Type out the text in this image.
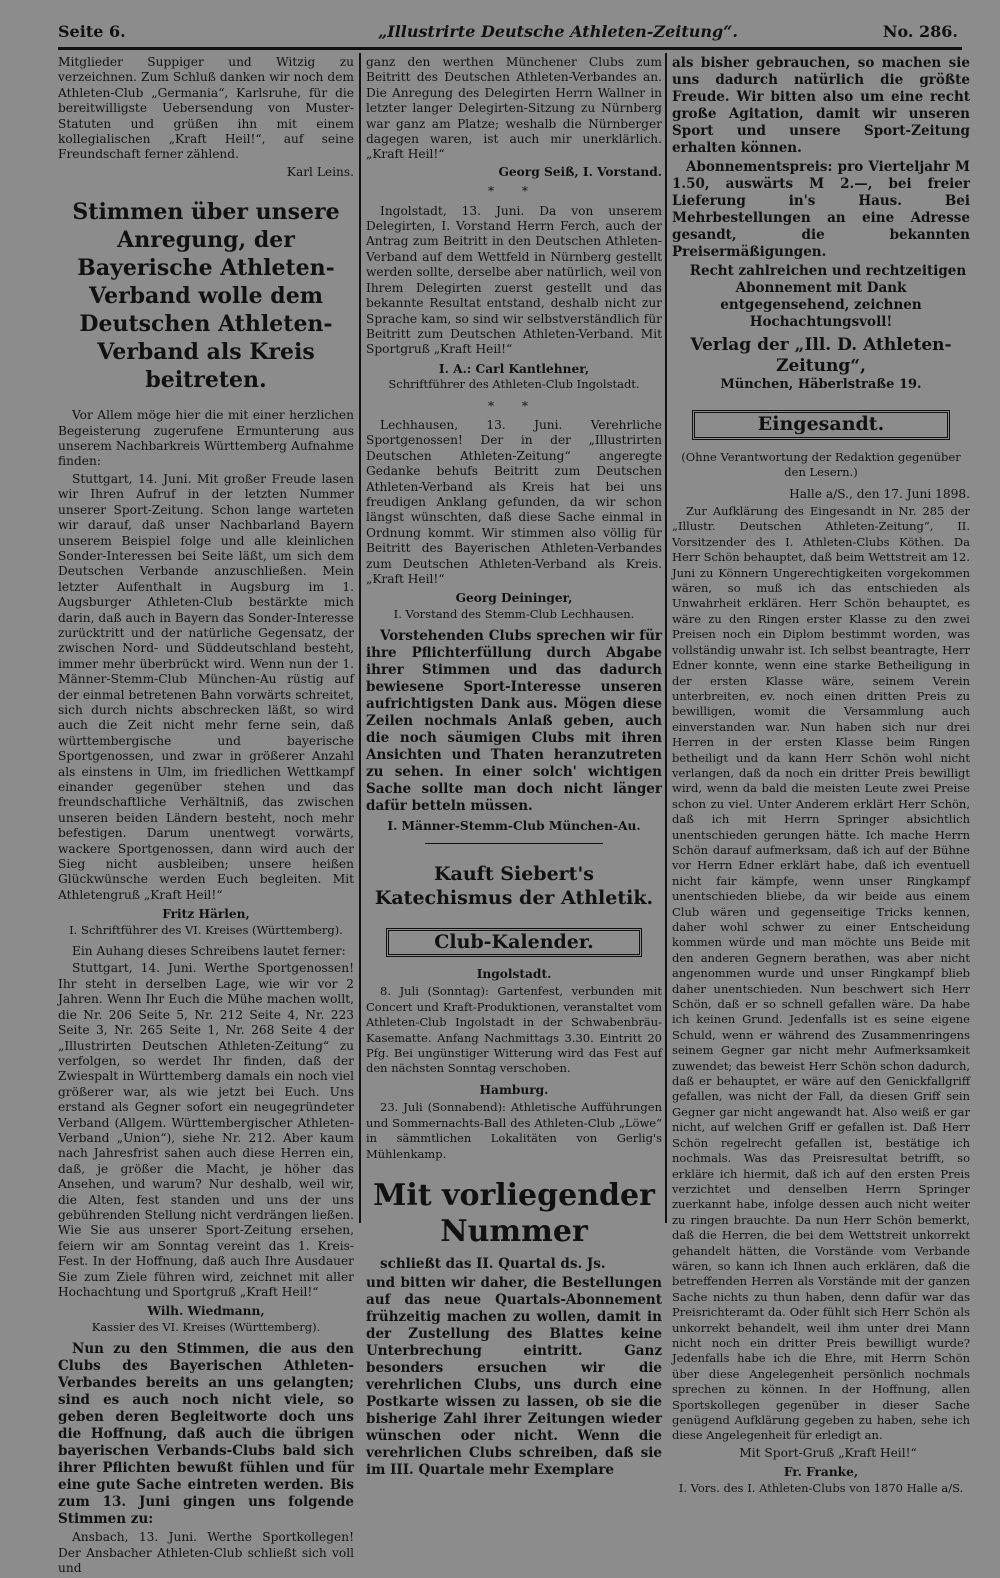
Seite 6.	„Illustrirte Deutsche Athleten-Zeitung“.	No. 286.

Mitglieder Suppiger und Witzig zu verzeichnen. Zum Schluß danken wir noch dem Athleten-Club „Germania“, Karlsruhe, für die bereitwilligste Uebersendung von Muster-Statuten und grüßen ihn mit einem kollegialischen „Kraft Heil!“, auf seine Freundschaft ferner zählend.

Karl Leins.

Stimmen über unsere Anregung, der Bayerische Athleten-Verband wolle dem Deutschen Athleten-Verband als Kreis beitreten.

Vor Allem möge hier die mit einer herzlichen Begeisterung zugerufene Ermunterung aus unserem Nachbarkreis Württemberg Aufnahme finden:

Stuttgart, 14. Juni. Mit großer Freude lasen wir Ihren Aufruf in der letzten Nummer unserer Sport-Zeitung. Schon lange warteten wir darauf, daß unser Nachbarland Bayern unserem Beispiel folge und alle kleinlichen Sonder-Interessen bei Seite läßt, um sich dem Deutschen Verbande anzuschließen. Mein letzter Aufenthalt in Augsburg im 1. Augsburger Athleten-Club bestärkte mich darin, daß auch in Bayern das Sonder-Interesse zurücktritt und der natürliche Gegensatz, der zwischen Nord- und Süddeutschland besteht, immer mehr überbrückt wird. Wenn nun der 1. Männer-Stemm-Club München-Au rüstig auf der einmal betretenen Bahn vorwärts schreitet, sich durch nichts abschrecken läßt, so wird auch die Zeit nicht mehr ferne sein, daß württembergische und bayerische Sportgenossen, und zwar in größerer Anzahl als einstens in Ulm, im friedlichen Wettkampf einander gegenüber stehen und das freundschaftliche Verhältniß, das zwischen unseren beiden Ländern besteht, noch mehr befestigen. Darum unentwegt vorwärts, wackere Sportgenossen, dann wird auch der Sieg nicht ausbleiben; unsere heißen Glückwünsche werden Euch begleiten. Mit Athletengruß „Kraft Heil!“

Fritz Härlen,

I. Schriftführer des VI. Kreises (Württemberg).

Ein Auhang dieses Schreibens lautet ferner:

Stuttgart, 14. Juni. Werthe Sportgenossen! Ihr steht in derselben Lage, wie wir vor 2 Jahren. Wenn Ihr Euch die Mühe machen wollt, die Nr. 206 Seite 5, Nr. 212 Seite 4, Nr. 223 Seite 3, Nr. 265 Seite 1, Nr. 268 Seite 4 der „Illustrirten Deutschen Athleten-Zeitung“ zu verfolgen, so werdet Ihr finden, daß der Zwiespalt in Württemberg damals ein noch viel größerer war, als wie jetzt bei Euch. Uns erstand als Gegner sofort ein neugegründeter Verband (Allgem. Württembergischer Athleten-Verband „Union“), siehe Nr. 212. Aber kaum nach Jahresfrist sahen auch diese Herren ein, daß, je größer die Macht, je höher das Ansehen, und warum? Nur deshalb, weil wir, die Alten, fest standen und uns der uns gebührenden Stellung nicht verdrängen ließen. Wie Sie aus unserer Sport-Zeitung ersehen, feiern wir am Sonntag vereint das 1. Kreis-Fest. In der Hoffnung, daß auch Ihre Ausdauer Sie zum Ziele führen wird, zeichnet mit aller Hochachtung und Sportgruß „Kraft Heil!“

Wilh. Wiedmann,

Kassier des VI. Kreises (Württemberg).

Nun zu den Stimmen, die aus den Clubs des Bayerischen Athleten-Verbandes bereits an uns gelangten; sind es auch noch nicht viele, so geben deren Begleitworte doch uns die Hoffnung, daß auch die übrigen bayerischen Verbands-Clubs bald sich ihrer Pflichten bewußt fühlen und für eine gute Sache eintreten werden. Bis zum 13. Juni gingen uns folgende Stimmen zu:

Ansbach, 13. Juni. Werthe Sportkollegen! Der Ansbacher Athleten-Club schließt sich voll und

ganz den werthen Münchener Clubs zum Beitritt des Deutschen Athleten-Verbandes an. Die Anregung des Delegirten Herrn Wallner in letzter langer Delegirten-Sitzung zu Nürnberg war ganz am Platze; weshalb die Nürnberger dagegen waren, ist auch mir unerklärlich. „Kraft Heil!“

Georg Seiß, I. Vorstand.

* *

Ingolstadt, 13. Juni. Da von unserem Delegirten, I. Vorstand Herrn Ferch, auch der Antrag zum Beitritt in den Deutschen Athleten-Verband auf dem Wettfeld in Nürnberg gestellt werden sollte, derselbe aber natürlich, weil von Ihrem Delegirten zuerst gestellt und das bekannte Resultat entstand, deshalb nicht zur Sprache kam, so sind wir selbstverständlich für Beitritt zum Deutschen Athleten-Verband. Mit Sportgruß „Kraft Heil!“

I. A.: Carl Kantlehner,

Schriftführer des Athleten-Club Ingolstadt.

* *

Lechhausen, 13. Juni. Verehrliche Sportgenossen! Der in der „Illustrirten Deutschen Athleten-Zeitung“ angeregte Gedanke behufs Beitritt zum Deutschen Athleten-Verband als Kreis hat bei uns freudigen Anklang gefunden, da wir schon längst wünschten, daß diese Sache einmal in Ordnung kommt. Wir stimmen also völlig für Beitritt des Bayerischen Athleten-Verbandes zum Deutschen Athleten-Verband als Kreis. „Kraft Heil!“

Georg Deininger,

I. Vorstand des Stemm-Club Lechhausen.

Vorstehenden Clubs sprechen wir für ihre Pflichterfüllung durch Abgabe ihrer Stimmen und das dadurch bewiesene Sport-Interesse unseren aufrichtigsten Dank aus. Mögen diese Zeilen nochmals Anlaß geben, auch die noch säumigen Clubs mit ihren Ansichten und Thaten heranzutreten zu sehen. In einer solch' wichtigen Sache sollte man doch nicht länger dafür betteln müssen.

I. Männer-Stemm-Club München-Au.

Kauft Siebert's Katechismus der Athletik.
Club-Kalender.

Ingolstadt.

8. Juli (Sonntag): Gartenfest, verbunden mit Concert und Kraft-Produktionen, veranstaltet vom Athleten-Club Ingolstadt in der Schwabenbräu-Kasematte. Anfang Nachmittags 3.30. Eintritt 20 Pfg. Bei ungünstiger Witterung wird das Fest auf den nächsten Sonntag verschoben.

Hamburg.

23. Juli (Sonnabend): Athletische Aufführungen und Sommernachts-Ball des Athleten-Club „Löwe“ in sämmtlichen Lokalitäten von Gerlig's Mühlenkamp.

Mit vorliegender Nummer

schließt das II. Quartal ds. Js.

und bitten wir daher, die Bestellungen auf das neue Quartals-Abonnement frühzeitig machen zu wollen, damit in der Zustellung des Blattes keine Unterbrechung eintritt. Ganz besonders ersuchen wir die verehrlichen Clubs, uns durch eine Postkarte wissen zu lassen, ob sie die bisherige Zahl ihrer Zeitungen wieder wünschen oder nicht. Wenn die verehrlichen Clubs schreiben, daß sie im III. Quartale mehr Exemplare

als bisher gebrauchen, so machen sie uns dadurch natürlich die größte Freude. Wir bitten also um eine recht große Agitation, damit wir unseren Sport und unsere Sport-Zeitung erhalten können.

Abonnementspreis: pro Vierteljahr M 1.50, auswärts M 2.—, bei freier Lieferung in's Haus. Bei Mehrbestellungen an eine Adresse gesandt, die bekannten Preisermäßigungen.

Recht zahlreichen und rechtzeitigen Abonnement mit Dank entgegensehend, zeichnen Hochachtungsvoll!

Verlag der „Ill. D. Athleten-Zeitung“,

München, Häberlstraße 19.

Eingesandt.

(Ohne Verantwortung der Redaktion gegenüber den Lesern.)

Halle a/S., den 17. Juni 1898.

Zur Aufklärung des Eingesandt in Nr. 285 der „Illustr. Deutschen Athleten-Zeitung“, II. Vorsitzender des I. Athleten-Clubs Köthen. Da Herr Schön behauptet, daß beim Wettstreit am 12. Juni zu Könnern Ungerechtigkeiten vorgekommen wären, so muß ich das entschieden als Unwahrheit erklären. Herr Schön behauptet, es wäre zu den Ringen erster Klasse zu den zwei Preisen noch ein Diplom bestimmt worden, was vollständig unwahr ist. Ich selbst beantragte, Herr Edner konnte, wenn eine starke Betheiligung in der ersten Klasse wäre, seinem Verein unterbreiten, ev. noch einen dritten Preis zu bewilligen, womit die Versammlung auch einverstanden war. Nun haben sich nur drei Herren in der ersten Klasse beim Ringen betheiligt und da kann Herr Schön wohl nicht verlangen, daß da noch ein dritter Preis bewilligt wird, wenn da bald die meisten Leute zwei Preise schon zu viel. Unter Anderem erklärt Herr Schön, daß ich mit Herrn Springer absichtlich unentschieden gerungen hätte. Ich mache Herrn Schön darauf aufmerksam, daß ich auf der Bühne vor Herrn Edner erklärt habe, daß ich eventuell nicht fair kämpfe, wenn unser Ringkampf unentschieden bliebe, da wir beide aus einem Club wären und gegenseitige Tricks kennen, daher wohl schwer zu einer Entscheidung kommen würde und man möchte uns Beide mit den anderen Gegnern berathen, was aber nicht angenommen wurde und unser Ringkampf blieb daher unentschieden. Nun beschwert sich Herr Schön, daß er so schnell gefallen wäre. Da habe ich keinen Grund. Jedenfalls ist es seine eigene Schuld, wenn er während des Zusammenringens seinem Gegner gar nicht mehr Aufmerksamkeit zuwendet; das beweist Herr Schön schon dadurch, daß er behauptet, er wäre auf den Genickfallgriff gefallen, was nicht der Fall, da diesen Griff sein Gegner gar nicht angewandt hat. Also weiß er gar nicht, auf welchen Griff er gefallen ist. Daß Herr Schön regelrecht gefallen ist, bestätige ich nochmals. Was das Preisresultat betrifft, so erkläre ich hiermit, daß ich auf den ersten Preis verzichtet und denselben Herrn Springer zuerkannt habe, infolge dessen auch nicht weiter zu ringen brauchte. Da nun Herr Schön bemerkt, daß die Herren, die bei dem Wettstreit unkorrekt gehandelt hätten, die Vorstände vom Verbande wären, so kann ich Ihnen auch erklären, daß die betreffenden Herren als Vorstände mit der ganzen Sache nichts zu thun haben, denn dafür war das Preisrichteramt da. Oder fühlt sich Herr Schön als unkorrekt behandelt, weil ihm unter drei Mann nicht noch ein dritter Preis bewilligt wurde? Jedenfalls habe ich die Ehre, mit Herrn Schön über diese Angelegenheit persönlich nochmals sprechen zu können. In der Hoffnung, allen Sportskollegen gegenüber in dieser Sache genügend Aufklärung gegeben zu haben, sehe ich diese Angelegenheit für erledigt an.

Mit Sport-Gruß „Kraft Heil!“

Fr. Franke,

I. Vors. des I. Athleten-Clubs von 1870 Halle a/S.
